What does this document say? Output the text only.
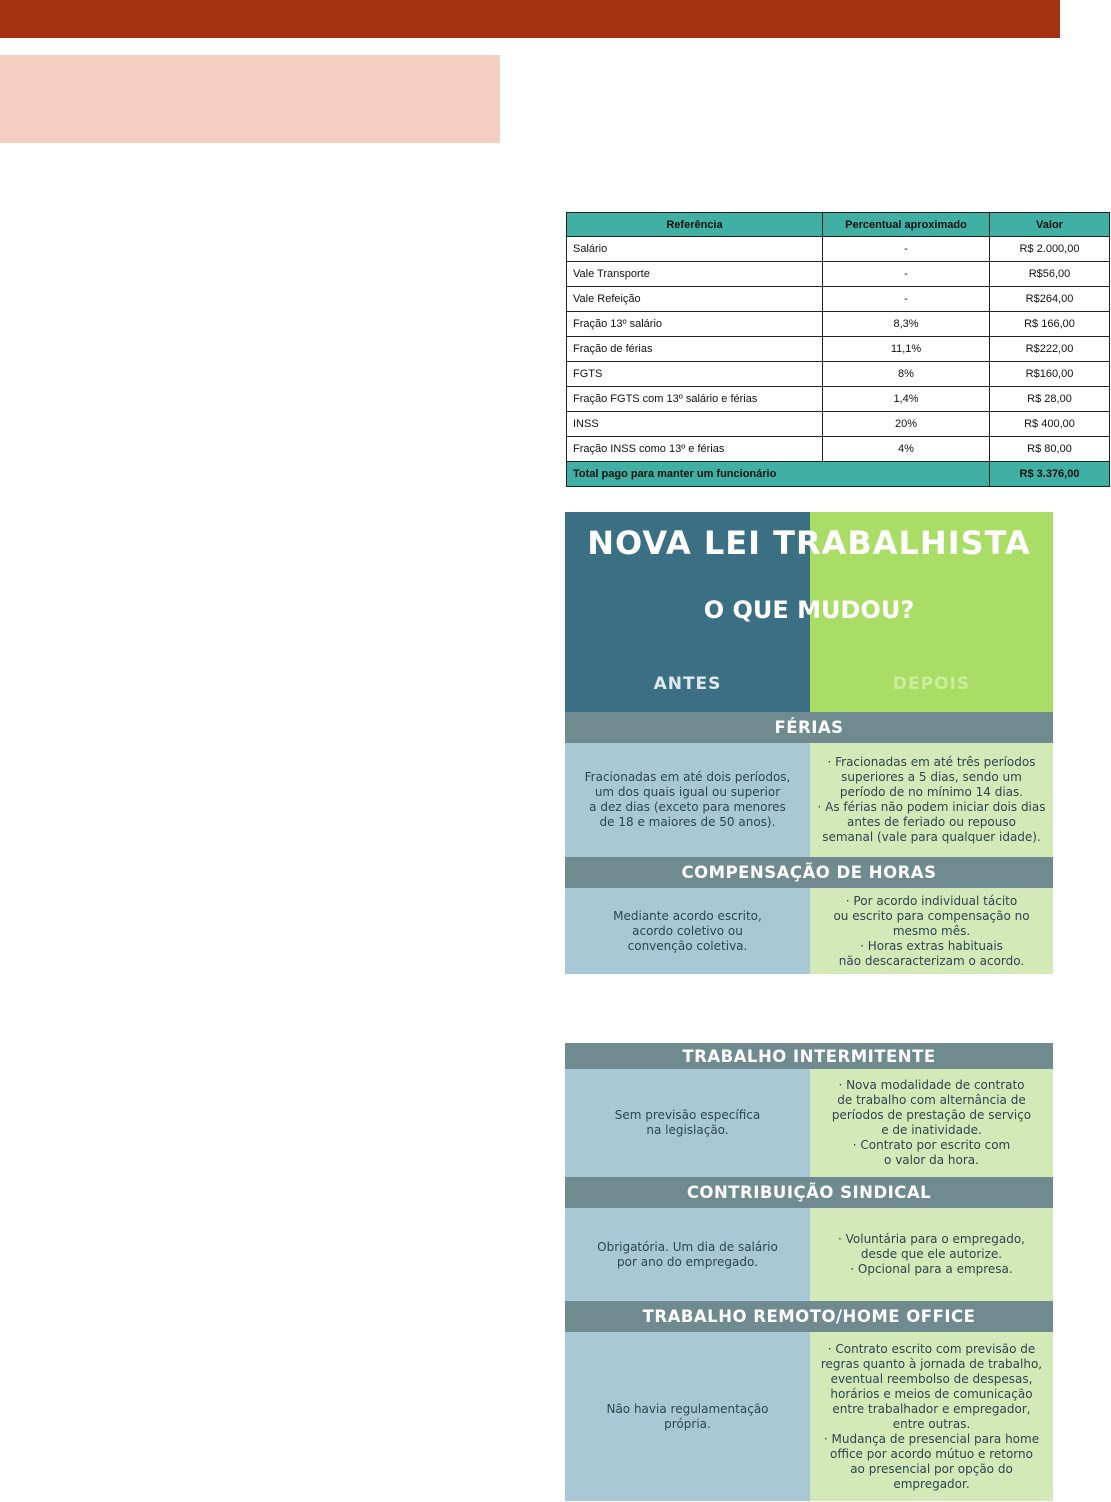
Referência	Percentual aproximado	Valor
Salário	-	R$ 2.000,00
Vale Transporte	-	R$56,00
Vale Refeição	-	R$264,00
Fração 13º salário	8,3%	R$ 166,00
Fração de férias	11,1%	R$222,00
FGTS	8%	R$160,00
Fração FGTS com 13º salário e férias	1,4%	R$ 28,00
INSS	20%	R$ 400,00
Fração INSS como 13º e férias	4%	R$ 80,00
Total pago para manter um funcionário		R$ 3.376,00
NOVA LEI TRABALHISTA
O QUE MUDOU?
ANTES	DEPOIS
FÉRIAS
Fracionadas em até dois períodos,
um dos quais igual ou superior
a dez dias (exceto para menores
de 18 e maiores de 50 anos).
· Fracionadas em até três períodos
superiores a 5 dias, sendo um
período de no mínimo 14 dias.
· As férias não podem iniciar dois dias
antes de feriado ou repouso
semanal (vale para qualquer idade).
COMPENSAÇÃO DE HORAS
Mediante acordo escrito,
acordo coletivo ou
convenção coletiva.
· Por acordo individual tácito
ou escrito para compensação no
mesmo mês.
· Horas extras habituais
não descaracterizam o acordo.
TRABALHO INTERMITENTE
Sem previsão específica
na legislação.
· Nova modalidade de contrato
de trabalho com alternância de
períodos de prestação de serviço
e de inatividade.
· Contrato por escrito com
o valor da hora.
CONTRIBUIÇÃO SINDICAL
Obrigatória. Um dia de salário
por ano do empregado.
· Voluntária para o empregado,
desde que ele autorize.
· Opcional para a empresa.
TRABALHO REMOTO/HOME OFFICE
Não havia regulamentação
própria.
· Contrato escrito com previsão de
regras quanto à jornada de trabalho,
eventual reembolso de despesas,
horários e meios de comunicação
entre trabalhador e empregador,
entre outras.
· Mudança de presencial para home
office por acordo mútuo e retorno
ao presencial por opção do
empregador.
